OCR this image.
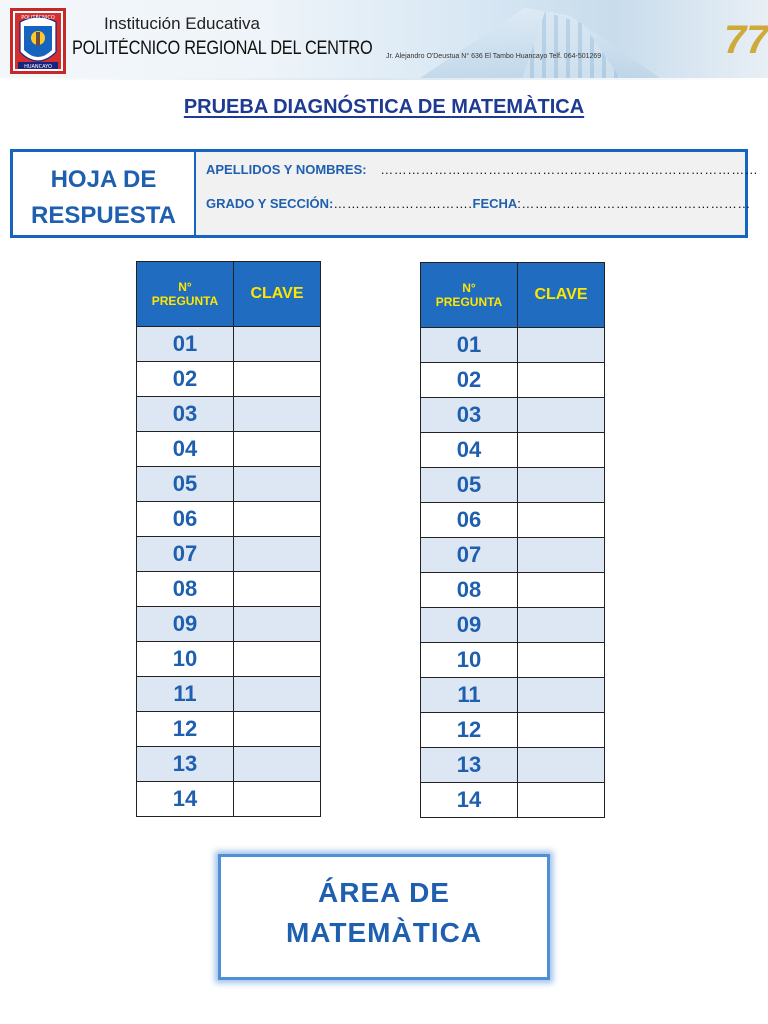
POLITÉCNICO
HUANCAYO
Institución Educativa
POLITÉCNICO REGIONAL DEL CENTRO Jr. Alejandro O'Deustua N° 636 El Tambo Huancayo Telf. 064-501269	77
PRUEBA DIAGNÓSTICA DE MATEMÀTICA
HOJA DE
RESPUESTA
APELLIDOS Y NOMBRES: …………………………………………………………………………
GRADO Y SECCIÓN:………………………….FECHA:……………………………………………
N°
PREGUNTA	CLAVE
01	
02	
03	
04	
05	
06	
07	
08	
09	
10	
11	
12	
13	
14	
N°
PREGUNTA	CLAVE
01	
02	
03	
04	
05	
06	
07	
08	
09	
10	
11	
12	
13	
14	
ÁREA DE
MATEMÀTICA
